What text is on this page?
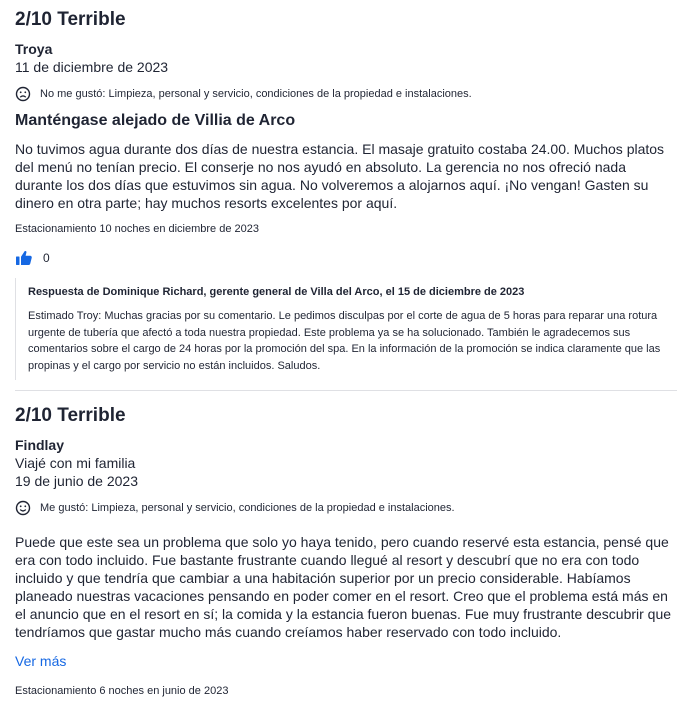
2/10 Terrible

Troya

11 de diciembre de 2023

No me gustó: Limpieza, personal y servicio, condiciones de la propiedad e instalaciones.

Manténgase alejado de Villia de Arco

No tuvimos agua durante dos días de nuestra estancia. El masaje gratuito costaba 24.00. Muchos platos del menú no tenían precio. El conserje no nos ayudó en absoluto. La gerencia no nos ofreció nada durante los dos días que estuvimos sin agua. No volveremos a alojarnos aquí. ¡No vengan! Gasten su dinero en otra parte; hay muchos resorts excelentes por aquí.

Estacionamiento 10 noches en diciembre de 2023

0

Respuesta de Dominique Richard, gerente general de Villa del Arco, el 15 de diciembre de 2023

Estimado Troy: Muchas gracias por su comentario. Le pedimos disculpas por el corte de agua de 5 horas para reparar una rotura urgente de tubería que afectó a toda nuestra propiedad. Este problema ya se ha solucionado. También le agradecemos sus comentarios sobre el cargo de 24 horas por la promoción del spa. En la información de la promoción se indica claramente que las propinas y el cargo por servicio no están incluidos. Saludos.

2/10 Terrible

Findlay

Viajé con mi familia

19 de junio de 2023

Me gustó: Limpieza, personal y servicio, condiciones de la propiedad e instalaciones.

Puede que este sea un problema que solo yo haya tenido, pero cuando reservé esta estancia, pensé que era con todo incluido. Fue bastante frustrante cuando llegué al resort y descubrí que no era con todo incluido y que tendría que cambiar a una habitación superior por un precio considerable. Habíamos planeado nuestras vacaciones pensando en poder comer en el resort. Creo que el problema está más en el anuncio que en el resort en sí; la comida y la estancia fueron buenas. Fue muy frustrante descubrir que tendríamos que gastar mucho más cuando creíamos haber reservado con todo incluido.

Ver más

Estacionamiento 6 noches en junio de 2023
